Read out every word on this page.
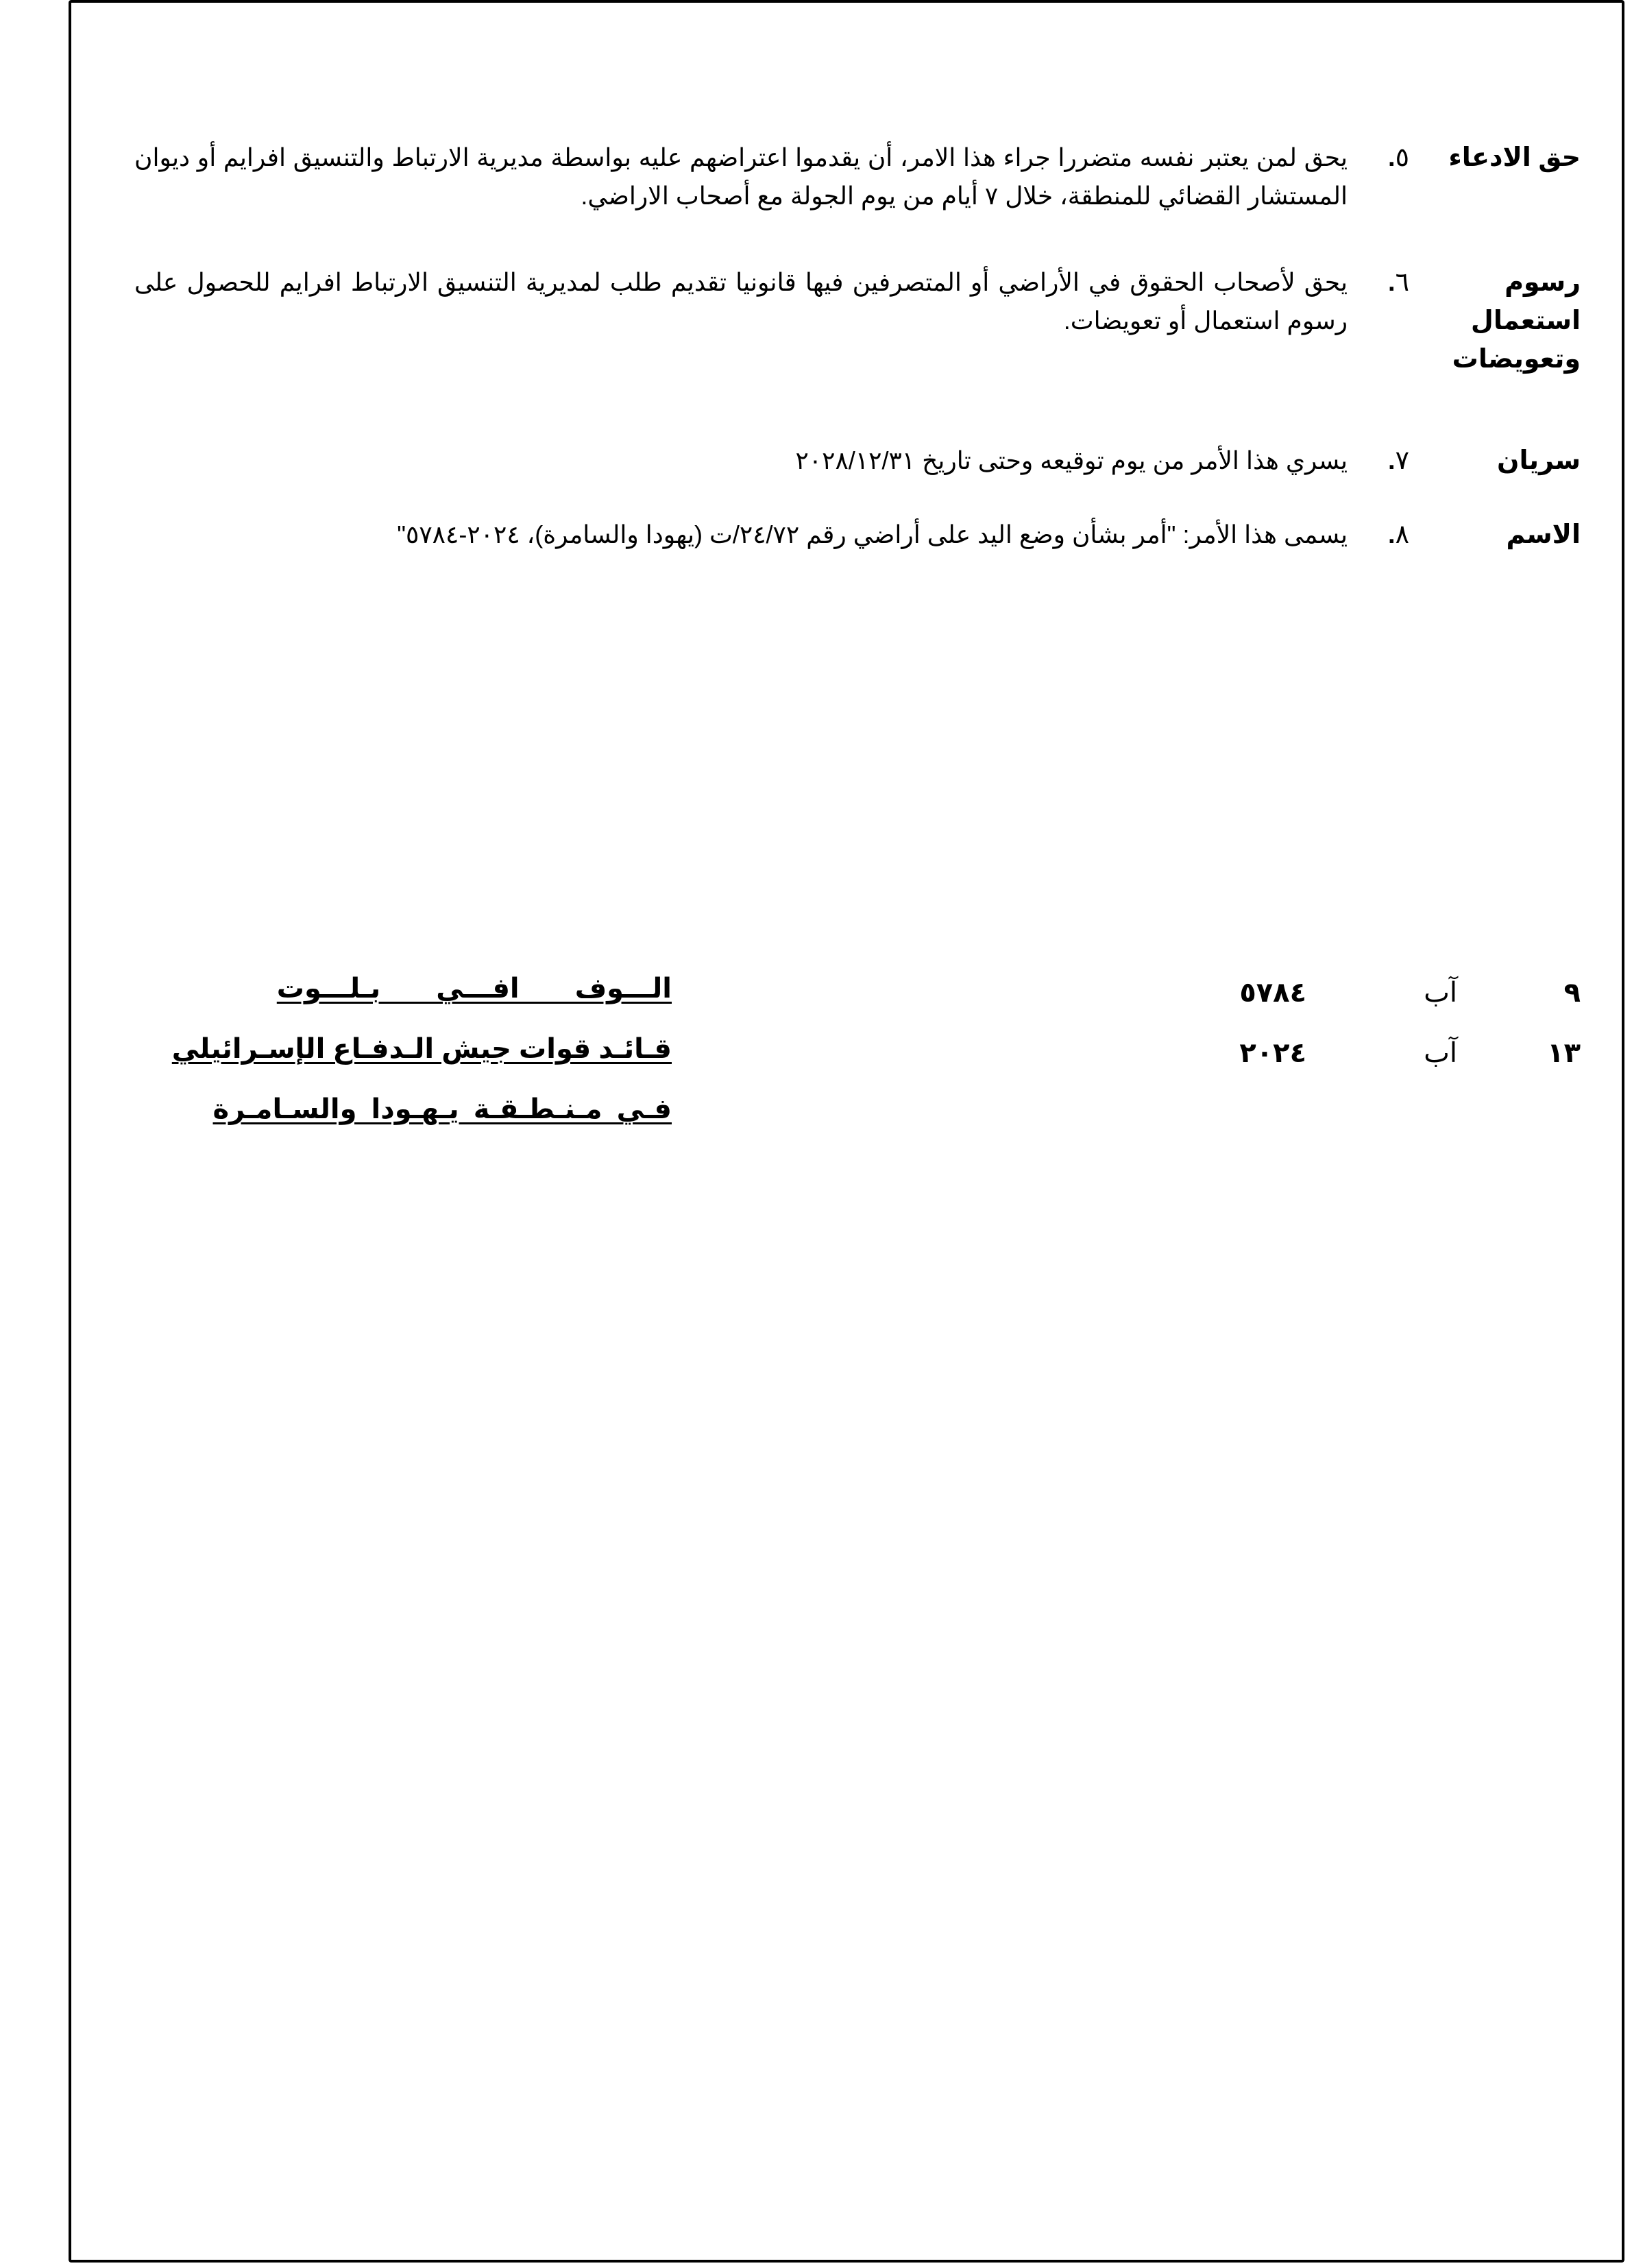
حق الادعاء
٥.
يحق لمن يعتبر نفسه متضررا جراء هذا الامر، أن يقدموا اعتراضهم عليه بواسطة مديرية الارتباط والتنسيق افرايم أو ديوان المستشار القضائي للمنطقة، خلال ٧ أيام من يوم الجولة مع أصحاب الاراضي.
رسوم استعمال وتعويضات
٦.
يحق لأصحاب الحقوق في الأراضي أو المتصرفين فيها قانونيا تقديم طلب لمديرية التنسيق الارتباط افرايم للحصول على رسوم استعمال أو تعويضات.
سريان
٧.
يسري هذا الأمر من يوم توقيعه وحتى تاريخ ٢٠٢٨/١٢/٣١
الاسم
٨.
يسمى هذا الأمر: "أمر بشأن وضع اليد على أراضي رقم ٢٤/٧٢/ت (يهودا والسامرة)، ٢٠٢٤-٥٧٨٤"
٩
آب
٥٧٨٤
١٣
آب
٢٠٢٤
الـــوف افـــي بـلـــوت
قـائـد قوات جيش الـدفـاع الإسـرائيلي
فـي مـنـطـقـة يـهـودا والسـامـرة
